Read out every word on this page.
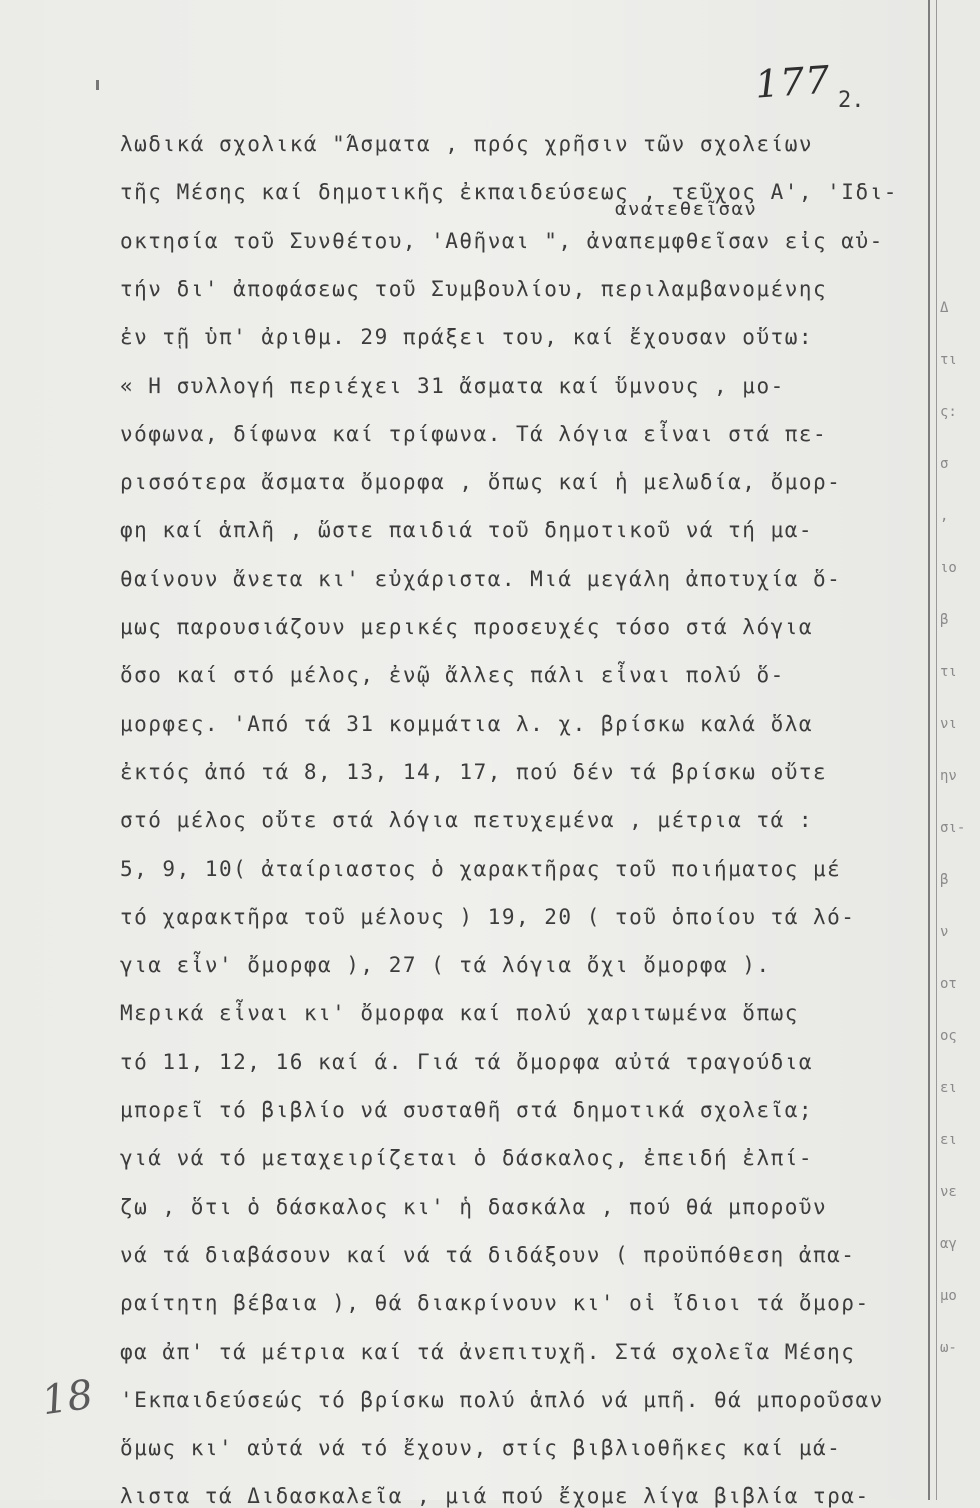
177 2.
ανατεθεῖσαν
λωδικά σχολικά "Άσματα , πρός χρῆσιν τῶν σχολείων
τῆς Μέσης καί δημοτικῆς ἐκπαιδεύσεως , τεῦχος Α', 'Ιδι-
οκτησία τοῦ Συνθέτου, 'Αθῆναι ", ἀναπεμφθεῖσαν εἰς αὐ-
τήν δι' ἀποφάσεως τοῦ Συμβουλίου, περιλαμβανομένης
ἐν τῇ ὑπ' ἀριθμ. 29 πράξει του, καί ἔχουσαν οὕτω:
« Η συλλογή περιέχει 31 ἄσματα καί ὕμνους , μο-
νόφωνα, δίφωνα καί τρίφωνα. Τά λόγια εἶναι στά πε-
ρισσότερα ἄσματα ὄμορφα , ὅπως καί ἡ μελωδία, ὄμορ-
φη καί ἁπλῆ , ὥστε παιδιά τοῦ δημοτικοῦ νά τή μα-
θαίνουν ἄνετα κι' εὐχάριστα. Μιά μεγάλη ἀποτυχία ὅ-
μως παρουσιάζουν μερικές προσευχές τόσο στά λόγια
ὅσο καί στό μέλος, ἐνῷ ἄλλες πάλι εἶναι πολύ ὅ-
μορφες. 'Από τά 31 κομμάτια λ. χ. βρίσκω καλά ὅλα
ἐκτός ἀπό τά 8, 13, 14, 17, πού δέν τά βρίσκω οὔτε
στό μέλος οὔτε στά λόγια πετυχεμένα , μέτρια τά :
5, 9, 10( ἀταίριαστος ὁ χαρακτῆρας τοῦ ποιήματος μέ
τό χαρακτῆρα τοῦ μέλους ) 19, 20 ( τοῦ ὁποίου τά λό-
για εἶν' ὄμορφα ), 27 ( τά λόγια ὄχι ὄμορφα ).
Μερικά εἶναι κι' ὄμορφα καί πολύ χαριτωμένα ὅπως
τό 11, 12, 16 καί ά. Γιά τά ὄμορφα αὐτά τραγούδια
μπορεῖ τό βιβλίο νά συσταθῆ στά δημοτικά σχολεῖα;
γιά νά τό μεταχειρίζεται ὁ δάσκαλος, ἐπειδή ἐλπί-
ζω , ὅτι ὁ δάσκαλος κι' ἡ δασκάλα , πού θά μποροῦν
νά τά διαβάσουν καί νά τά διδάξουν ( προϋπόθεση ἀπα-
ραίτητη βέβαια ), θά διακρίνουν κι' οἱ ἴδιοι τά ὄμορ-
φα ἀπ' τά μέτρια καί τά ἀνεπιτυχῆ. Στά σχολεῖα Μέσης
'Εκπαιδεύσεώς τό βρίσκω πολύ ἁπλό νά μπῆ. θά μποροῦσαν
ὅμως κι' αὐτά νά τό ἔχουν, στίς βιβλιοθῆκες καί μά-
λιστα τά Διδασκαλεῖα , μιά πού ἔχομε λίγα βιβλία τρα-
Δ
τι
ς:
σ
,
ιο
β
τι
νι
ην
σι-
β
ν
οτ
ος
ει
ει
νε
αγ
μο
ω-
18
